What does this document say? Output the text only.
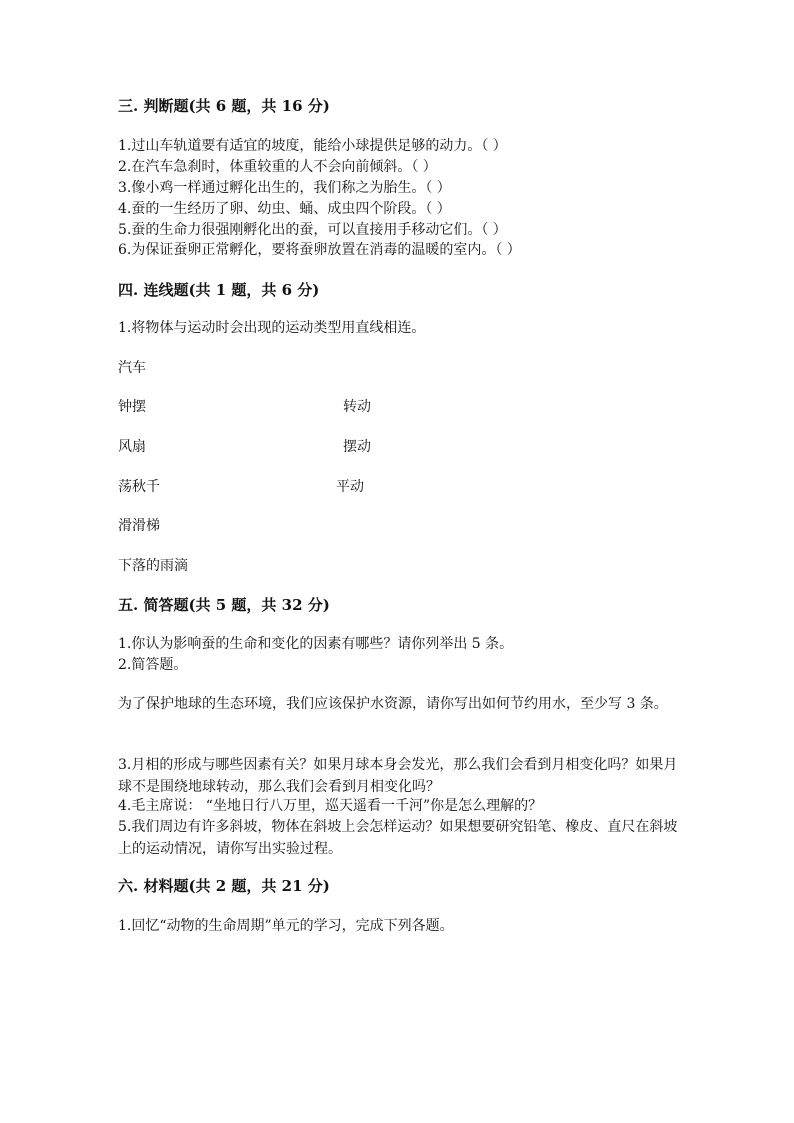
三. 判断题(共 6 题，共 16 分)
1.过山车轨道要有适宜的坡度，能给小球提供足够的动力。（ ）
2.在汽车急刹时，体重较重的人不会向前倾斜。（ ）
3.像小鸡一样通过孵化出生的，我们称之为胎生。（ ）
4.蚕的一生经历了卵、幼虫、蛹、成虫四个阶段。（ ）
5.蚕的生命力很强刚孵化出的蚕，可以直接用手移动它们。（ ）
6.为保证蚕卵正常孵化，要将蚕卵放置在消毒的温暖的室内。（ ）
四. 连线题(共 1 题，共 6 分)
1.将物体与运动时会出现的运动类型用直线相连。
汽车
钟摆
风扇
荡秋千
滑滑梯
下落的雨滴
转动
摆动
平动
五. 简答题(共 5 题，共 32 分)
1.你认为影响蚕的生命和变化的因素有哪些？请你列举出 5 条。
2.简答题。
为了保护地球的生态环境，我们应该保护水资源，请你写出如何节约用水，至少写 3 条。
3.月相的形成与哪些因素有关？如果月球本身会发光，那么我们会看到月相变化吗？如果月球不是围绕地球转动，那么我们会看到月相变化吗？
4.毛主席说： “坐地日行八万里，巡天遥看一千河”你是怎么理解的？
5.我们周边有许多斜坡，物体在斜坡上会怎样运动？如果想要研究铅笔、橡皮、直尺在斜坡上的运动情况，请你写出实验过程。
六. 材料题(共 2 题，共 21 分)
1.回忆“动物的生命周期”单元的学习，完成下列各题。
